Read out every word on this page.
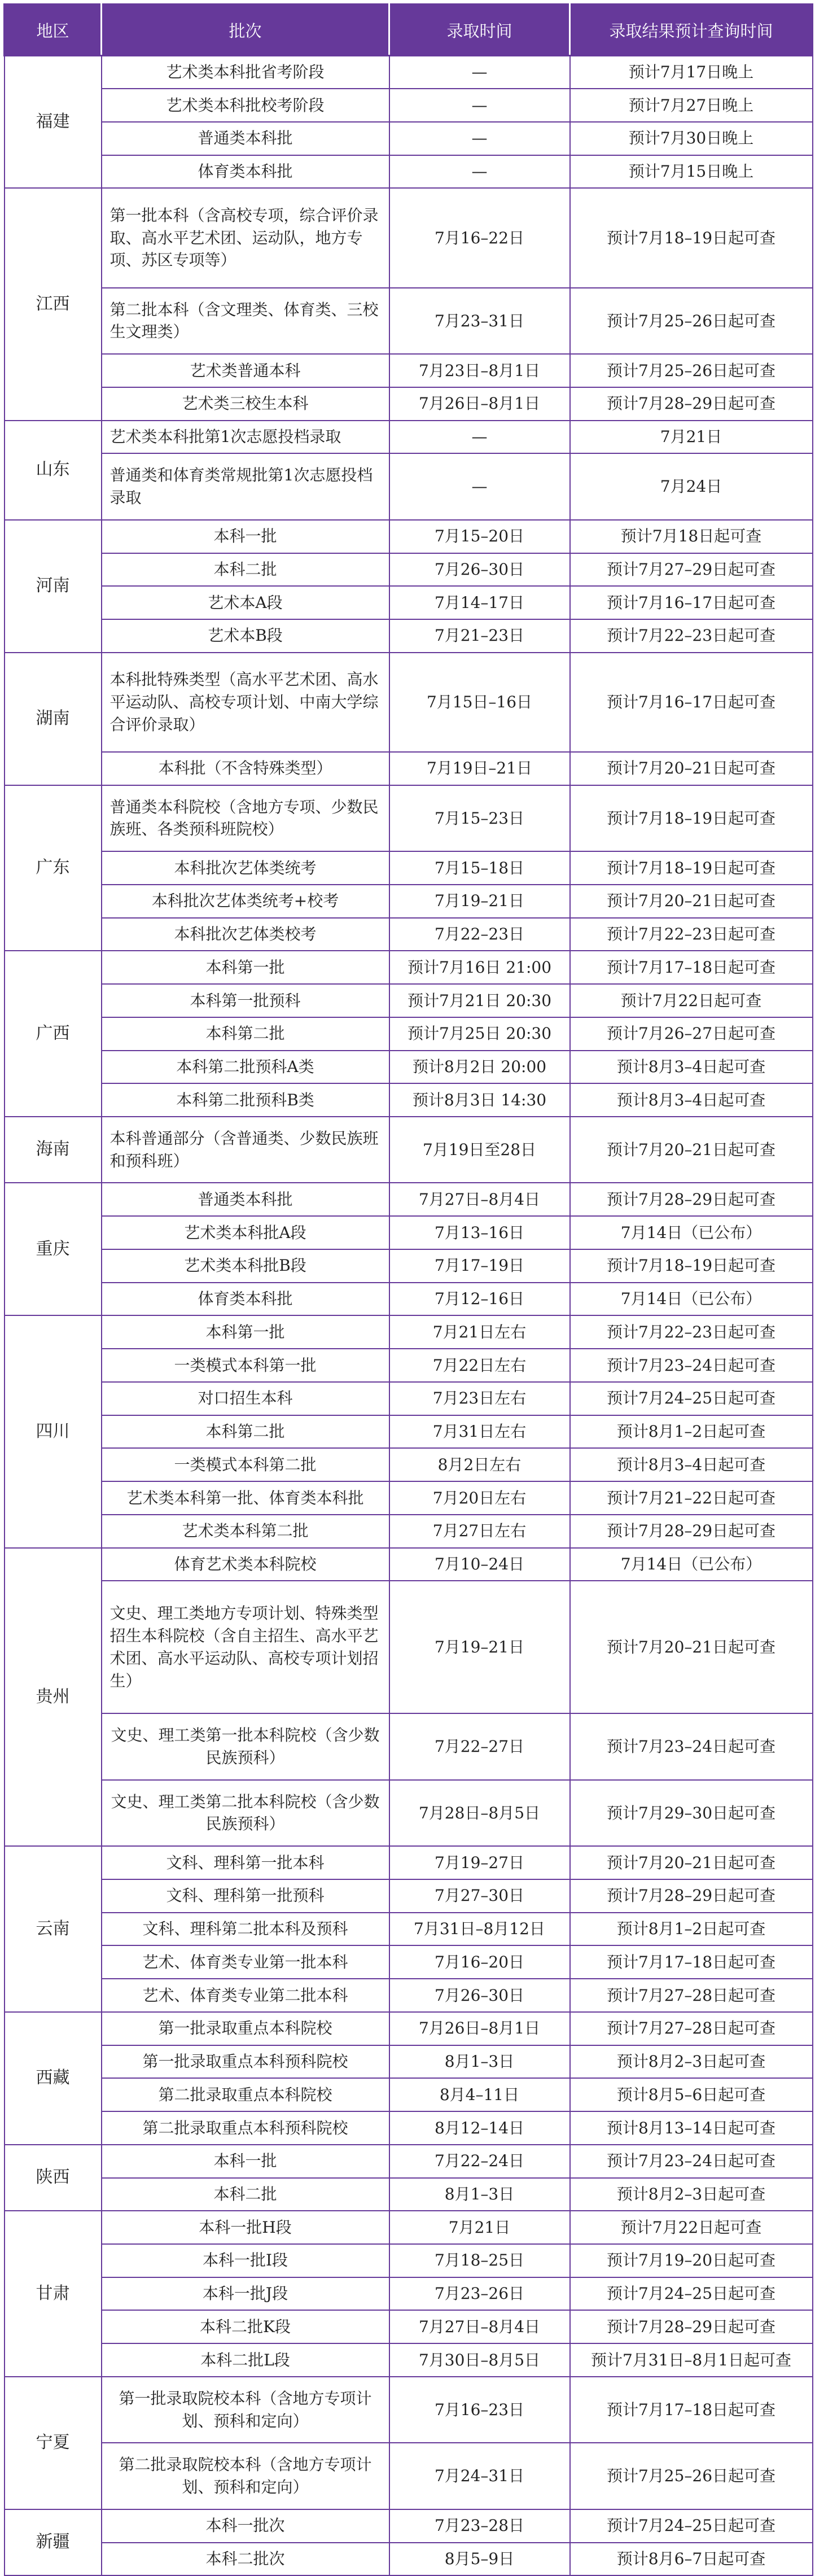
地区	批次	录取时间	录取结果预计查询时间
福建	艺术类本科批省考阶段	—	预计7月17日晚上
	艺术类本科批校考阶段	—	预计7月27日晚上
	普通类本科批	—	预计7月30日晚上
	体育类本科批	—	预计7月15日晚上
江西	第一批本科（含高校专项，综合评价录取、高水平艺术团、运动队，地方专项、苏区专项等）	7月16–22日	预计7月18–19日起可查
	第二批本科（含文理类、体育类、三校生文理类）	7月23–31日	预计7月25–26日起可查
	艺术类普通本科	7月23日–8月1日	预计7月25–26日起可查
	艺术类三校生本科	7月26日–8月1日	预计7月28–29日起可查
山东	艺术类本科批第1次志愿投档录取	—	7月21日
	普通类和体育类常规批第1次志愿投档录取	—	7月24日
河南	本科一批	7月15–20日	预计7月18日起可查
	本科二批	7月26–30日	预计7月27–29日起可查
	艺术本A段	7月14–17日	预计7月16–17日起可查
	艺术本B段	7月21–23日	预计7月22–23日起可查
湖南	本科批特殊类型（高水平艺术团、高水平运动队、高校专项计划、中南大学综合评价录取）	7月15日–16日	预计7月16–17日起可查
	本科批（不含特殊类型）	7月19日–21日	预计7月20–21日起可查
广东	普通类本科院校（含地方专项、少数民族班、各类预科班院校）	7月15–23日	预计7月18–19日起可查
	本科批次艺体类统考	7月15–18日	预计7月18–19日起可查
	本科批次艺体类统考+校考	7月19–21日	预计7月20–21日起可查
	本科批次艺体类校考	7月22–23日	预计7月22–23日起可查
广西	本科第一批	预计7月16日 21:00	预计7月17–18日起可查
	本科第一批预科	预计7月21日 20:30	预计7月22日起可查
	本科第二批	预计7月25日 20:30	预计7月26–27日起可查
	本科第二批预科A类	预计8月2日 20:00	预计8月3–4日起可查
	本科第二批预科B类	预计8月3日 14:30	预计8月3–4日起可查
海南	本科普通部分（含普通类、少数民族班和预科班）	7月19日至28日	预计7月20–21日起可查
重庆	普通类本科批	7月27日–8月4日	预计7月28–29日起可查
	艺术类本科批A段	7月13–16日	7月14日（已公布）
	艺术类本科批B段	7月17–19日	预计7月18–19日起可查
	体育类本科批	7月12–16日	7月14日（已公布）
四川	本科第一批	7月21日左右	预计7月22–23日起可查
	一类模式本科第一批	7月22日左右	预计7月23–24日起可查
	对口招生本科	7月23日左右	预计7月24–25日起可查
	本科第二批	7月31日左右	预计8月1–2日起可查
	一类模式本科第二批	8月2日左右	预计8月3–4日起可查
	艺术类本科第一批、体育类本科批	7月20日左右	预计7月21–22日起可查
	艺术类本科第二批	7月27日左右	预计7月28–29日起可查
贵州	体育艺术类本科院校	7月10–24日	7月14日（已公布）
	文史、理工类地方专项计划、特殊类型招生本科院校（含自主招生、高水平艺术团、高水平运动队、高校专项计划招生）	7月19–21日	预计7月20–21日起可查
	文史、理工类第一批本科院校（含少数民族预科）	7月22–27日	预计7月23–24日起可查
	文史、理工类第二批本科院校（含少数民族预科）	7月28日–8月5日	预计7月29–30日起可查
云南	文科、理科第一批本科	7月19–27日	预计7月20–21日起可查
	文科、理科第一批预科	7月27–30日	预计7月28–29日起可查
	文科、理科第二批本科及预科	7月31日–8月12日	预计8月1–2日起可查
	艺术、体育类专业第一批本科	7月16–20日	预计7月17–18日起可查
	艺术、体育类专业第二批本科	7月26–30日	预计7月27–28日起可查
西藏	第一批录取重点本科院校	7月26日–8月1日	预计7月27–28日起可查
	第一批录取重点本科预科院校	8月1–3日	预计8月2–3日起可查
	第二批录取重点本科院校	8月4–11日	预计8月5–6日起可查
	第二批录取重点本科预科院校	8月12–14日	预计8月13–14日起可查
陕西	本科一批	7月22–24日	预计7月23–24日起可查
	本科二批	8月1–3日	预计8月2–3日起可查
甘肃	本科一批H段	7月21日	预计7月22日起可查
	本科一批I段	7月18–25日	预计7月19–20日起可查
	本科一批J段	7月23–26日	预计7月24–25日起可查
	本科二批K段	7月27日–8月4日	预计7月28–29日起可查
	本科二批L段	7月30日–8月5日	预计7月31日–8月1日起可查
宁夏	第一批录取院校本科（含地方专项计划、预科和定向）	7月16–23日	预计7月17–18日起可查
	第二批录取院校本科（含地方专项计划、预科和定向）	7月24–31日	预计7月25–26日起可查
新疆	本科一批次	7月23–28日	预计7月24–25日起可查
	本科二批次	8月5–9日	预计8月6–7日起可查
